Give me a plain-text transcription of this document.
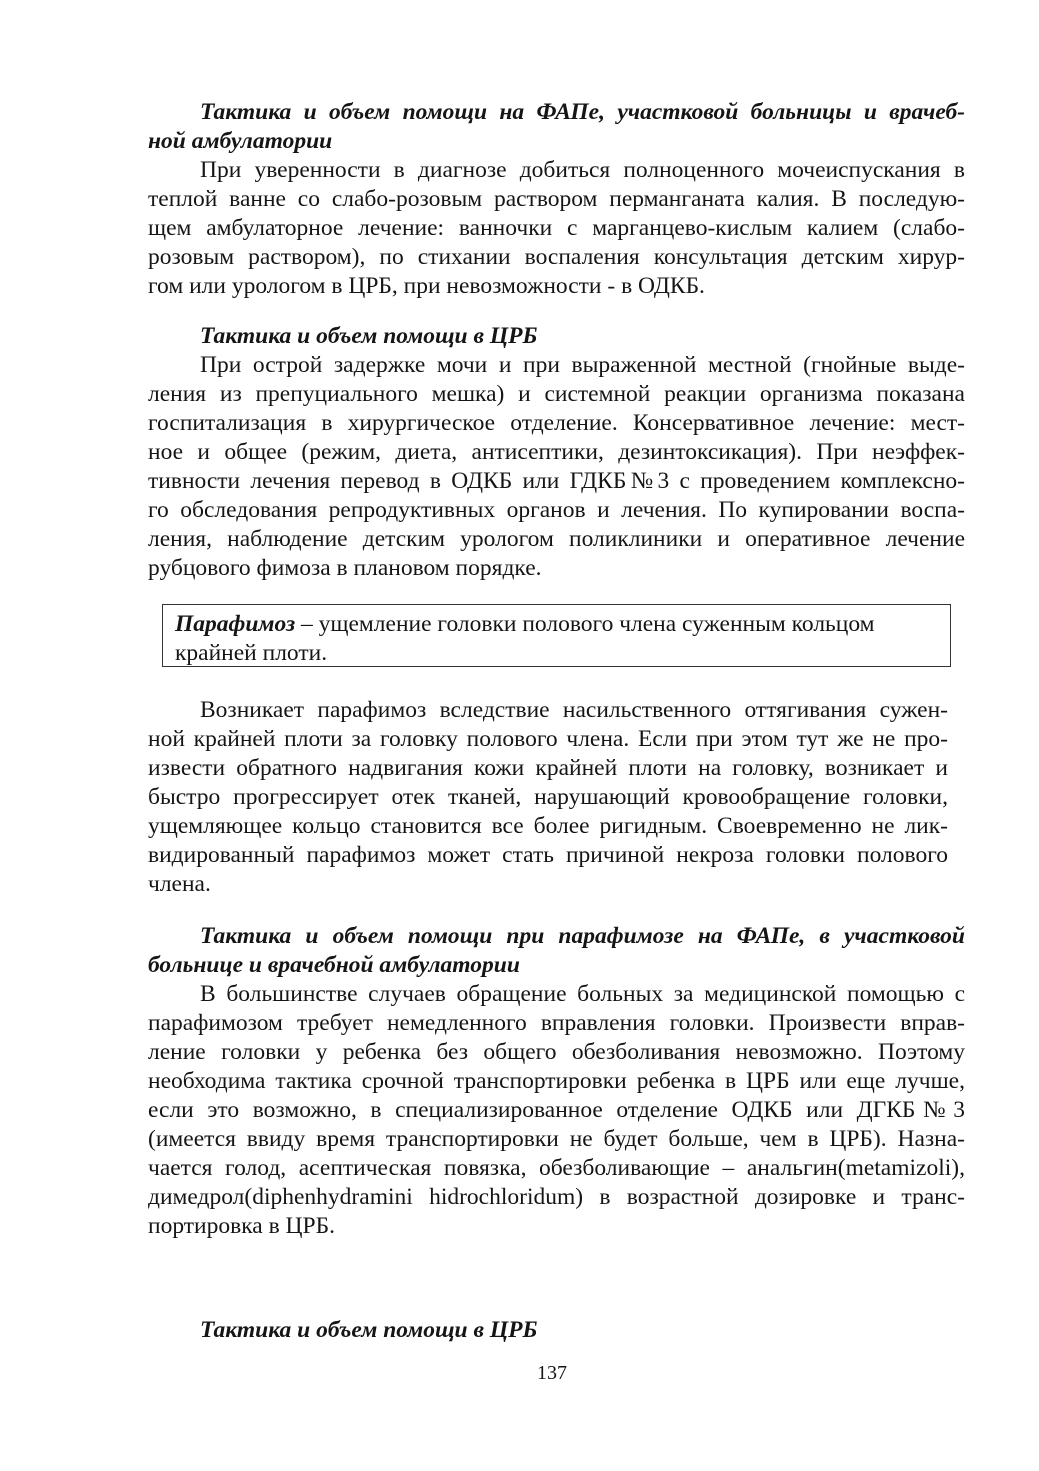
Тактика и объем помощи на ФАПе, участковой больницы и врачеб-
ной амбулатории
При уверенности в диагнозе добиться полноценного мочеиспускания в
теплой ванне со слабо-розовым раствором перманганата калия. В последую-
щем амбулаторное лечение: ванночки с марганцево-кислым калием (слабо-
розовым раствором), по стихании воспаления консультация детским хирур-
гом или урологом в ЦРБ, при невозможности - в ОДКБ.
Тактика и объем помощи в ЦРБ
При острой задержке мочи и при выраженной местной (гнойные выде-
ления из препуциального мешка) и системной реакции организма показана
госпитализация в хирургическое отделение. Консервативное лечение: мест-
ное и общее (режим, диета, антисептики, дезинтоксикация). При неэффек-
тивности лечения перевод в ОДКБ или ГДКБ№3 с проведением комплексно-
го обследования репродуктивных органов и лечения. По купировании воспа-
ления, наблюдение детским урологом поликлиники и оперативное лечение
рубцового фимоза в плановом порядке.
Парафимоз – ущемление головки полового члена суженным кольцом
крайней плоти.
Возникает парафимоз вследствие насильственного оттягивания сужен-
ной крайней плоти за головку полового члена. Если при этом тут же не про-
извести обратного надвигания кожи крайней плоти на головку, возникает и
быстро прогрессирует отек тканей, нарушающий кровообращение головки,
ущемляющее кольцо становится все более ригидным. Своевременно не лик-
видированный парафимоз может стать причиной некроза головки полового
члена.
Тактика и объем помощи при парафимозе на ФАПе, в участковой
больнице и врачебной амбулатории
В большинстве случаев обращение больных за медицинской помощью с
парафимозом требует немедленного вправления головки. Произвести вправ-
ление головки у ребенка без общего обезболивания невозможно. Поэтому
необходима тактика срочной транспортировки ребенка в ЦРБ или еще лучше,
если это возможно, в специализированное отделение ОДКБ или ДГКБ№3
(имеется ввиду время транспортировки не будет больше, чем в ЦРБ). Назна-
чается голод, асептическая повязка, обезболивающие – анальгин(metamizoli),
димедрол(diphenhydramini hidrochloridum) в возрастной дозировке и транс-
портировка в ЦРБ.
Тактика и объем помощи в ЦРБ
137
